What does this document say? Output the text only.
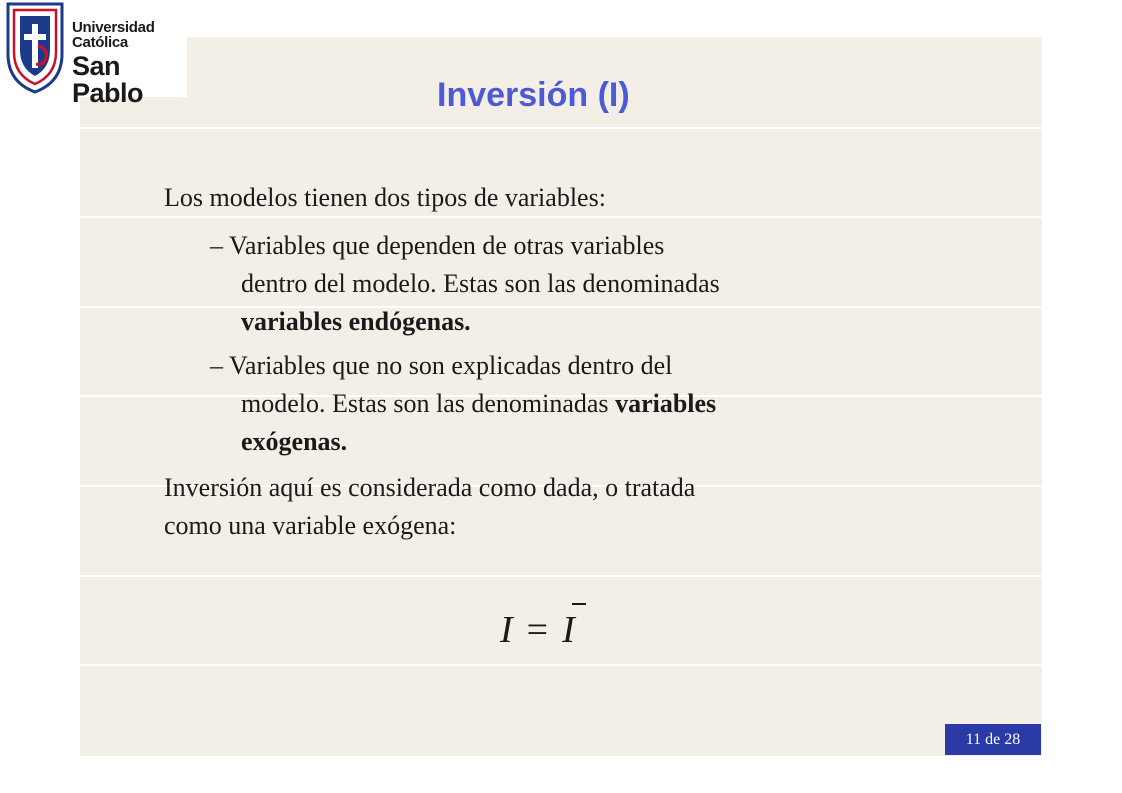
Universidad Católica
San Pablo	Inversión (I)
Los modelos tienen dos tipos de variables:
– Variables que dependen de otras variables
dentro del modelo. Estas son las denominadas
variables endógenas.
– Variables que no son explicadas dentro del
modelo. Estas son las denominadas variables
exógenas.
Inversión aquí es considerada como dada, o tratada
como una variable exógena:
I = I
11 de 28
